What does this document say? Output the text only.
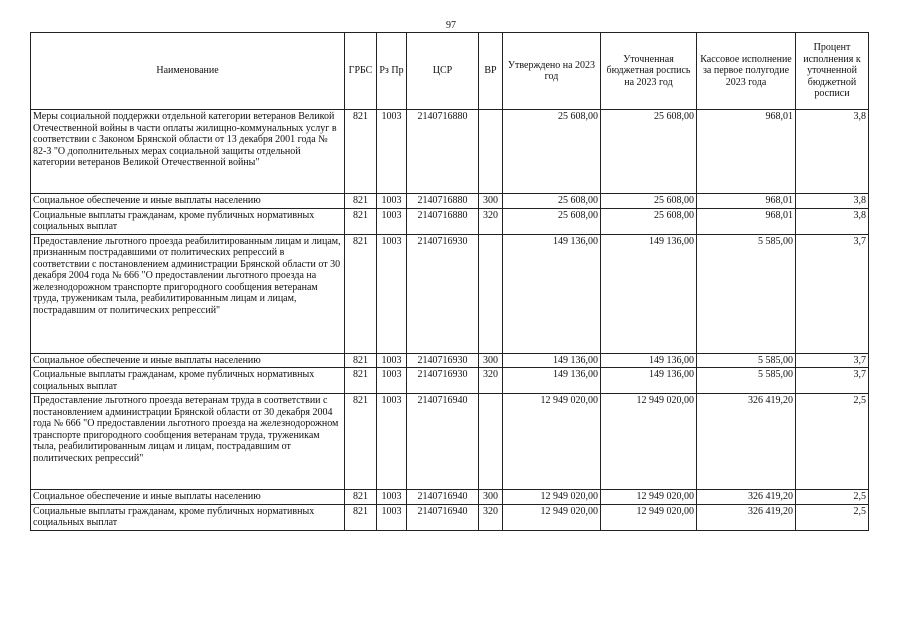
97
Наименование	ГРБС	Рз Пр	ЦСР	ВР	Утверждено на 2023 год	Уточненная бюджетная роспись на 2023 год	Кассовое исполнение за первое полугодие 2023 года	Процент исполнения к уточненной бюджетной росписи
Меры социальной поддержки отдельной категории ветеранов Великой Отечественной войны в части оплаты жилищно-коммунальных услуг в соответствии с Законом Брянской области от 13 декабря 2001 года № 82-З "О дополнительных мерах социальной защиты отдельной категории ветеранов Великой Отечественной войны"	821	1003	2140716880		25 608,00	25 608,00	968,01	3,8
Социальное обеспечение и иные выплаты населению	821	1003	2140716880	300	25 608,00	25 608,00	968,01	3,8
Социальные выплаты гражданам, кроме публичных нормативных социальных выплат	821	1003	2140716880	320	25 608,00	25 608,00	968,01	3,8
Предоставление льготного проезда реабилитированным лицам и лицам, признанным пострадавшими от политических репрессий в соответствии с постановлением администрации Брянской области от 30 декабря 2004 года № 666 "О предоставлении льготного проезда на железнодорожном транспорте пригородного сообщения ветеранам труда, труженикам тыла, реабилитированным лицам и лицам, пострадавшим от политических репрессий"	821	1003	2140716930		149 136,00	149 136,00	5 585,00	3,7
Социальное обеспечение и иные выплаты населению	821	1003	2140716930	300	149 136,00	149 136,00	5 585,00	3,7
Социальные выплаты гражданам, кроме публичных нормативных социальных выплат	821	1003	2140716930	320	149 136,00	149 136,00	5 585,00	3,7
Предоставление льготного проезда ветеранам труда в соответствии с постановлением администрации Брянской области от 30 декабря 2004 года № 666 "О предоставлении льготного проезда на железнодорожном транспорте пригородного сообщения ветеранам труда, труженикам тыла, реабилитированным лицам и лицам, пострадавшим от политических репрессий"	821	1003	2140716940		12 949 020,00	12 949 020,00	326 419,20	2,5
Социальное обеспечение и иные выплаты населению	821	1003	2140716940	300	12 949 020,00	12 949 020,00	326 419,20	2,5
Социальные выплаты гражданам, кроме публичных нормативных социальных выплат	821	1003	2140716940	320	12 949 020,00	12 949 020,00	326 419,20	2,5
